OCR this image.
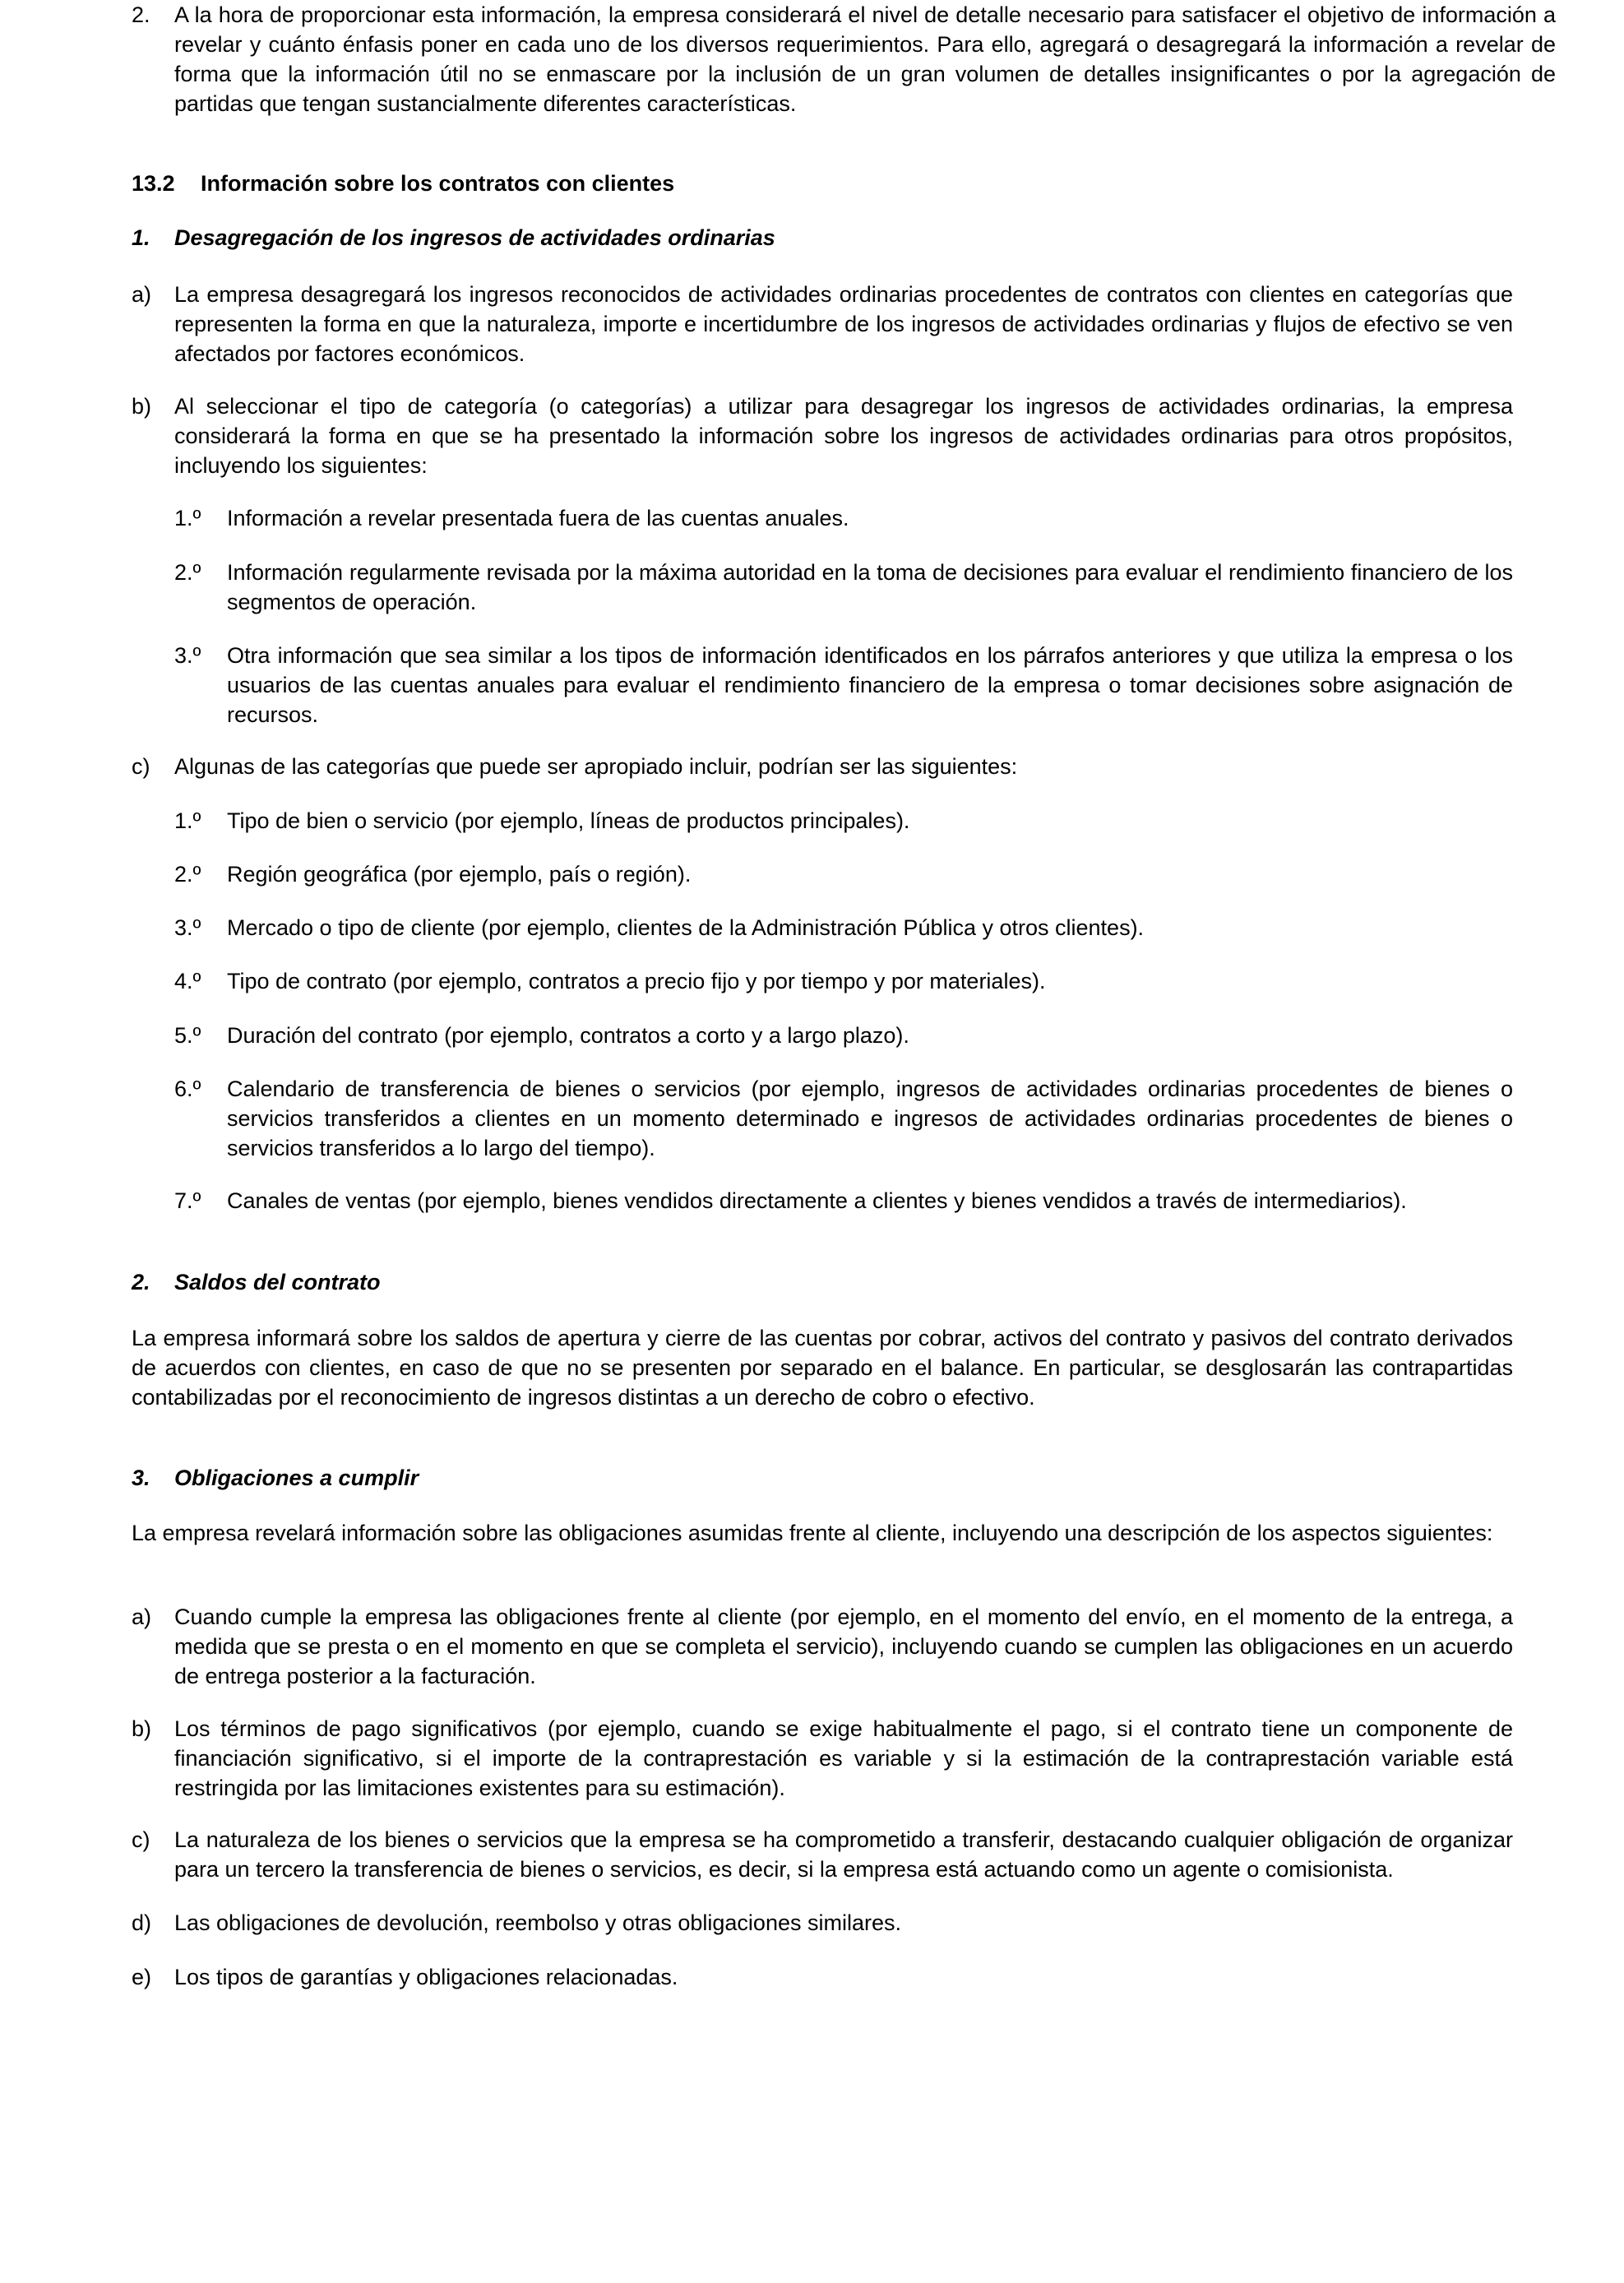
2. A la hora de proporcionar esta información, la empresa considerará el nivel de detalle necesario para satisfacer el objetivo de información a revelar y cuánto énfasis poner en cada uno de los diversos requerimientos. Para ello, agregará o desagregará la información a revelar de forma que la información útil no se enmascare por la inclusión de un gran volumen de detalles insignificantes o por la agregación de partidas que tengan sustancialmente diferentes características.
13.2 Información sobre los contratos con clientes
1. Desagregación de los ingresos de actividades ordinarias
a) La empresa desagregará los ingresos reconocidos de actividades ordinarias procedentes de contratos con clientes en categorías que representen la forma en que la naturaleza, importe e incertidumbre de los ingresos de actividades ordinarias y flujos de efectivo se ven afectados por factores económicos.
b) Al seleccionar el tipo de categoría (o categorías) a utilizar para desagregar los ingresos de actividades ordinarias, la empresa considerará la forma en que se ha presentado la información sobre los ingresos de actividades ordinarias para otros propósitos, incluyendo los siguientes:
1.º Información a revelar presentada fuera de las cuentas anuales.
2.º Información regularmente revisada por la máxima autoridad en la toma de decisiones para evaluar el rendimiento financiero de los segmentos de operación.
3.º Otra información que sea similar a los tipos de información identificados en los párrafos anteriores y que utiliza la empresa o los usuarios de las cuentas anuales para evaluar el rendimiento financiero de la empresa o tomar decisiones sobre asignación de recursos.
c) Algunas de las categorías que puede ser apropiado incluir, podrían ser las siguientes:
1.º Tipo de bien o servicio (por ejemplo, líneas de productos principales).
2.º Región geográfica (por ejemplo, país o región).
3.º Mercado o tipo de cliente (por ejemplo, clientes de la Administración Pública y otros clientes).
4.º Tipo de contrato (por ejemplo, contratos a precio fijo y por tiempo y por materiales).
5.º Duración del contrato (por ejemplo, contratos a corto y a largo plazo).
6.º Calendario de transferencia de bienes o servicios (por ejemplo, ingresos de actividades ordinarias procedentes de bienes o servicios transferidos a clientes en un momento determinado e ingresos de actividades ordinarias procedentes de bienes o servicios transferidos a lo largo del tiempo).
7.º Canales de ventas (por ejemplo, bienes vendidos directamente a clientes y bienes vendidos a través de intermediarios).
2. Saldos del contrato

La empresa informará sobre los saldos de apertura y cierre de las cuentas por cobrar, activos del contrato y pasivos del contrato derivados de acuerdos con clientes, en caso de que no se presenten por separado en el balance. En particular, se desglosarán las contrapartidas contabilizadas por el reconocimiento de ingresos distintas a un derecho de cobro o efectivo.

3. Obligaciones a cumplir

La empresa revelará información sobre las obligaciones asumidas frente al cliente, incluyendo una descripción de los aspectos siguientes:

a) Cuando cumple la empresa las obligaciones frente al cliente (por ejemplo, en el momento del envío, en el momento de la entrega, a medida que se presta o en el momento en que se completa el servicio), incluyendo cuando se cumplen las obligaciones en un acuerdo de entrega posterior a la facturación.
b) Los términos de pago significativos (por ejemplo, cuando se exige habitualmente el pago, si el contrato tiene un componente de financiación significativo, si el importe de la contraprestación es variable y si la estimación de la contraprestación variable está restringida por las limitaciones existentes para su estimación).
c) La naturaleza de los bienes o servicios que la empresa se ha comprometido a transferir, destacando cualquier obligación de organizar para un tercero la transferencia de bienes o servicios, es decir, si la empresa está actuando como un agente o comisionista.
d) Las obligaciones de devolución, reembolso y otras obligaciones similares.
e) Los tipos de garantías y obligaciones relacionadas.
